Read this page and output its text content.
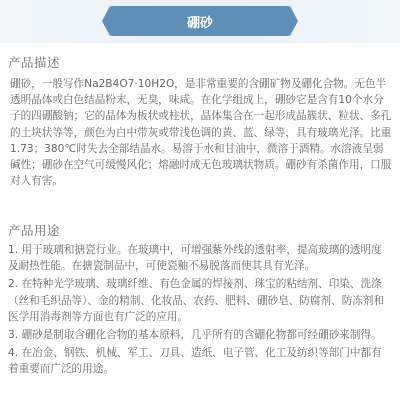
硼砂
产品描述

硼砂，一般写作Na2B4O7·10H2O，是非常重要的含硼矿物及硼化合物。无色半透明晶体或白色结晶粉末，无臭，味咸。在化学组成上，硼砂它是含有10个水分子的四硼酸钠；它的晶体为板状或柱状，晶体集合在一起形成晶簇状、粒状、多孔的土块状等等，颜色为白中带灰或带浅色调的黄、蓝、绿等，具有玻璃光泽。比重1.73；380℃时失去全部结晶水。易溶于水和甘油中，微溶于酒精。水溶液呈弱碱性；硼砂在空气可缓慢风化；熔融时成无色玻璃状物质。硼砂有杀菌作用，口服对人有害。

产品用途
1. 用于玻璃和搪瓷行业。在玻璃中，可增强紫外线的透射率，提高玻璃的透明度及耐热性能。在搪瓷制品中，可使瓷釉不易脱落而使其具有光泽。
2. 在特种光学玻璃、玻璃纤维、有色金属的焊接剂、珠宝的粘结剂、印染、洗涤（丝和毛织品等）、金的精制、化妆品、农药、肥料、硼砂皂、防腐剂、防冻剂和医学用消毒剂等方面也有广泛的应用。
3. 硼砂是制取含硼化合物的基本原料，几乎所有的含硼化物都可经硼砂来制得。
4. 在冶金、钢铁、机械、军工、刀具、造纸、电子管、化工及纺织等部门中都有着重要而广泛的用途。
